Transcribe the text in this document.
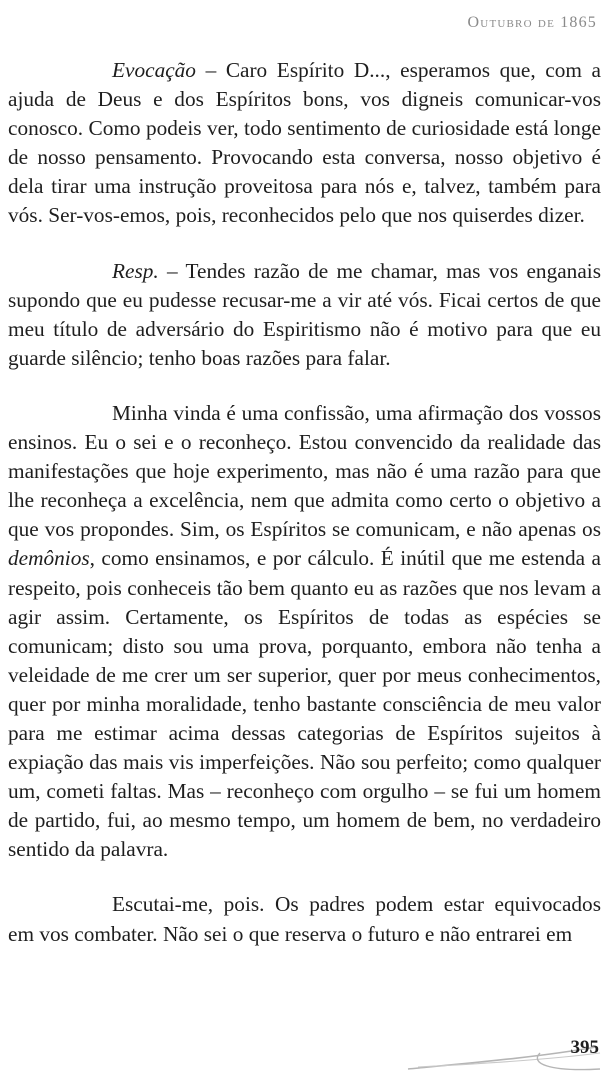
Outubro de 1865

Evocação – Caro Espírito D..., esperamos que, com a ajuda de Deus e dos Espíritos bons, vos digneis comunicar-vos conosco. Como podeis ver, todo sentimento de curiosidade está longe de nosso pensamento. Provocando esta conversa, nosso objetivo é dela tirar uma instrução proveitosa para nós e, talvez, também para vós. Ser-vos-emos, pois, reconhecidos pelo que nos quiserdes dizer.

Resp. – Tendes razão de me chamar, mas vos enganais supondo que eu pudesse recusar-me a vir até vós. Ficai certos de que meu título de adversário do Espiritismo não é motivo para que eu guarde silêncio; tenho boas razões para falar.

Minha vinda é uma confissão, uma afirmação dos vossos ensinos. Eu o sei e o reconheço. Estou convencido da realidade das manifestações que hoje experimento, mas não é uma razão para que lhe reconheça a excelência, nem que admita como certo o objetivo a que vos propondes. Sim, os Espíritos se comunicam, e não apenas os demônios, como ensinamos, e por cálculo. É inútil que me estenda a respeito, pois conheceis tão bem quanto eu as razões que nos levam a agir assim. Certamente, os Espíritos de todas as espécies se comunicam; disto sou uma prova, porquanto, embora não tenha a veleidade de me crer um ser superior, quer por meus conhecimentos, quer por minha moralidade, tenho bastante consciência de meu valor para me estimar acima dessas categorias de Espíritos sujeitos à expiação das mais vis imperfeições. Não sou perfeito; como qualquer um, cometi faltas. Mas – reconheço com orgulho – se fui um homem de partido, fui, ao mesmo tempo, um homem de bem, no verdadeiro sentido da palavra.

Escutai-me, pois. Os padres podem estar equivocados em vos combater. Não sei o que reserva o futuro e não entrarei em

395
